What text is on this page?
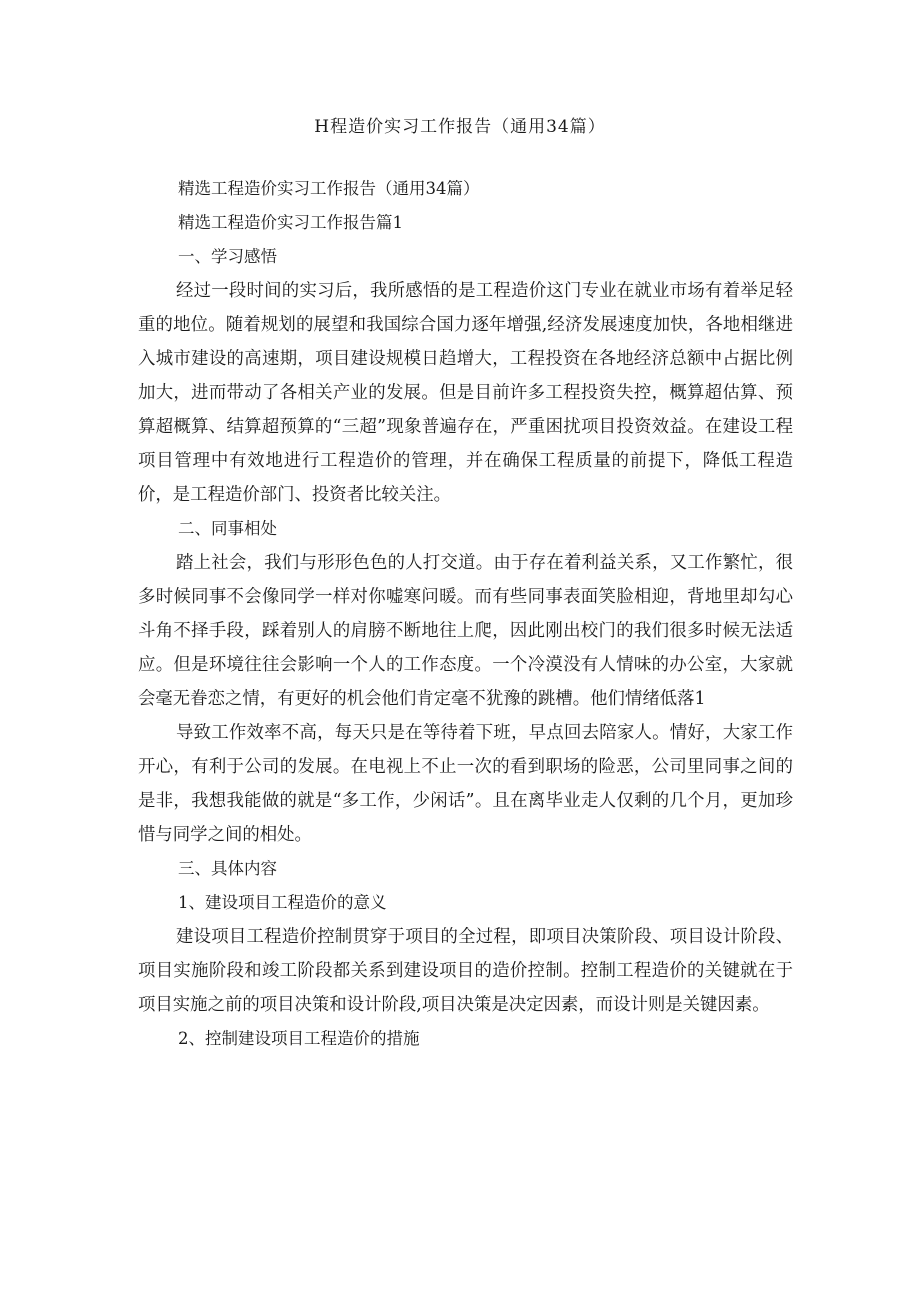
H程造价实习工作报告（通用34篇）

精选工程造价实习工作报告（通用34篇）

精选工程造价实习工作报告篇1

一、学习感悟

经过一段时间的实习后，我所感悟的是工程造价这门专业在就业市场有着举足轻重的地位。随着规划的展望和我国综合国力逐年增强,经济发展速度加快，各地相继进入城市建设的高速期，项目建设规模日趋增大，工程投资在各地经济总额中占据比例加大，进而带动了各相关产业的发展。但是目前许多工程投资失控，概算超估算、预算超概算、结算超预算的“三超”现象普遍存在，严重困扰项目投资效益。在建设工程项目管理中有效地进行工程造价的管理，并在确保工程质量的前提下，降低工程造价，是工程造价部门、投资者比较关注。

二、同事相处

踏上社会，我们与形形色色的人打交道。由于存在着利益关系，又工作繁忙，很多时候同事不会像同学一样对你嘘寒问暖。而有些同事表面笑脸相迎，背地里却勾心斗角不择手段，踩着别人的肩膀不断地往上爬，因此刚出校门的我们很多时候无法适应。但是环境往往会影响一个人的工作态度。一个冷漠没有人情味的办公室，大家就会毫无眷恋之情，有更好的机会他们肯定毫不犹豫的跳槽。他们情绪低落1

导致工作效率不高，每天只是在等待着下班，早点回去陪家人。情好，大家工作开心，有利于公司的发展。在电视上不止一次的看到职场的险恶，公司里同事之间的是非，我想我能做的就是“多工作，少闲话”。且在离毕业走人仅剩的几个月，更加珍惜与同学之间的相处。

三、具体内容

1、建设项目工程造价的意义

建设项目工程造价控制贯穿于项目的全过程，即项目决策阶段、项目设计阶段、项目实施阶段和竣工阶段都关系到建设项目的造价控制。控制工程造价的关键就在于项目实施之前的项目决策和设计阶段,项目决策是决定因素，而设计则是关键因素。

2、控制建设项目工程造价的措施
